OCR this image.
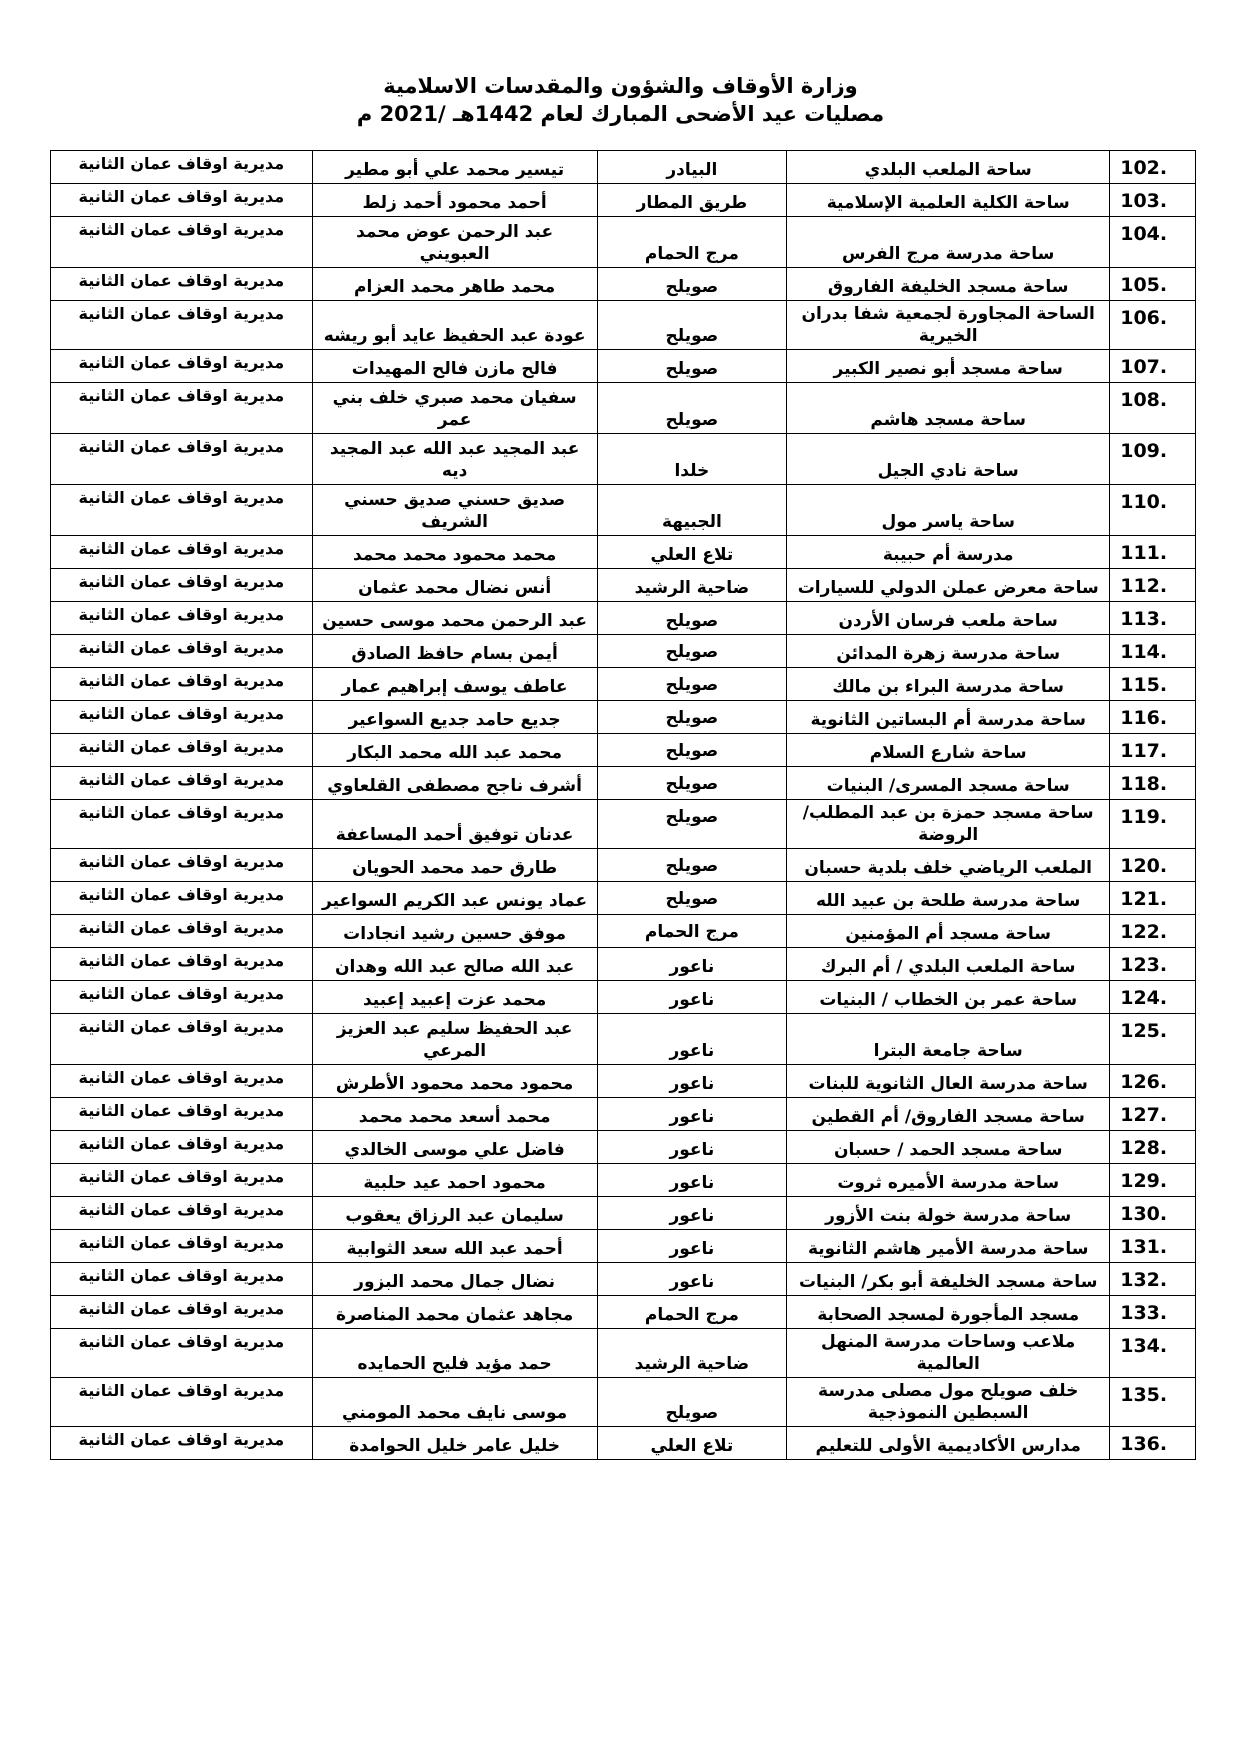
وزارة الأوقاف والشؤون والمقدسات الاسلامية
مصليات عيد الأضحى المبارك لعام 1442هـ /2021 م
102.	ساحة الملعب البلدي	البيادر	تيسير محمد علي أبو مطير	مديرية اوقاف عمان الثانية
103.	ساحة الكلية العلمية الإسلامية	طريق المطار	أحمد محمود أحمد زلط	مديرية اوقاف عمان الثانية
104.	ساحة مدرسة مرج الفرس	مرج الحمام	عبد الرحمن عوض محمد العبويني	مديرية اوقاف عمان الثانية
105.	ساحة مسجد الخليفة الفاروق	صويلح	محمد طاهر محمد العزام	مديرية اوقاف عمان الثانية
106.	الساحة المجاورة لجمعية شفا بدران الخيرية	صويلح	عودة عبد الحفيظ عايد أبو ريشه	مديرية اوقاف عمان الثانية
107.	ساحة مسجد أبو نصير الكبير	صويلح	فالح مازن فالح المهيدات	مديرية اوقاف عمان الثانية
108.	ساحة مسجد هاشم	صويلح	سفيان محمد صبري خلف بني عمر	مديرية اوقاف عمان الثانية
109.	ساحة نادي الجيل	خلدا	عبد المجيد عبد الله عبد المجيد ديه	مديرية اوقاف عمان الثانية
110.	ساحة ياسر مول	الجبيهة	صديق حسني صديق حسني الشريف	مديرية اوقاف عمان الثانية
111.	مدرسة أم حبيبة	تلاع العلي	محمد محمود محمد محمد	مديرية اوقاف عمان الثانية
112.	ساحة معرض عملن الدولي للسيارات	ضاحية الرشيد	أنس نضال محمد عثمان	مديرية اوقاف عمان الثانية
113.	ساحة ملعب فرسان الأردن	صويلح	عبد الرحمن محمد موسى حسين	مديرية اوقاف عمان الثانية
114.	ساحة مدرسة زهرة المدائن	صويلح	أيمن بسام حافظ الصادق	مديرية اوقاف عمان الثانية
115.	ساحة مدرسة البراء بن مالك	صويلح	عاطف يوسف إبراهيم عمار	مديرية اوقاف عمان الثانية
116.	ساحة مدرسة أم البساتين الثانوية	صويلح	جديع حامد جديع السواعير	مديرية اوقاف عمان الثانية
117.	ساحة شارع السلام	صويلح	محمد عبد الله محمد البكار	مديرية اوقاف عمان الثانية
118.	ساحة مسجد المسرى/ البنيات	صويلح	أشرف ناجح مصطفى القلعاوي	مديرية اوقاف عمان الثانية
119.	ساحة مسجد حمزة بن عبد المطلب/الروضة	صويلح	عدنان توفيق أحمد المساعفة	مديرية اوقاف عمان الثانية
120.	الملعب الرياضي خلف بلدية حسبان	صويلح	طارق حمد محمد الحويان	مديرية اوقاف عمان الثانية
121.	ساحة مدرسة طلحة بن عبيد الله	صويلح	عماد يونس عبد الكريم السواعير	مديرية اوقاف عمان الثانية
122.	ساحة مسجد أم المؤمنين	مرج الحمام	موفق حسين رشيد انجادات	مديرية اوقاف عمان الثانية
123.	ساحة الملعب البلدي / أم البرك	ناعور	عبد الله صالح عبد الله وهدان	مديرية اوقاف عمان الثانية
124.	ساحة عمر بن الخطاب / البنيات	ناعور	محمد عزت إعبيد إعبيد	مديرية اوقاف عمان الثانية
125.	ساحة جامعة البترا	ناعور	عبد الحفيظ سليم عبد العزيز المرعي	مديرية اوقاف عمان الثانية
126.	ساحة مدرسة العال الثانوية للبنات	ناعور	محمود محمد محمود الأطرش	مديرية اوقاف عمان الثانية
127.	ساحة مسجد الفاروق/ أم القطين	ناعور	محمد أسعد محمد محمد	مديرية اوقاف عمان الثانية
128.	ساحة مسجد الحمد / حسبان	ناعور	فاضل علي موسى الخالدي	مديرية اوقاف عمان الثانية
129.	ساحة مدرسة الأميره ثروت	ناعور	محمود احمد عيد حلبية	مديرية اوقاف عمان الثانية
130.	ساحة مدرسة خولة بنت الأزور	ناعور	سليمان عبد الرزاق يعقوب	مديرية اوقاف عمان الثانية
131.	ساحة مدرسة الأمير هاشم الثانوية	ناعور	أحمد عبد الله سعد الثوابية	مديرية اوقاف عمان الثانية
132.	ساحة مسجد الخليفة أبو بكر/ البنيات	ناعور	نضال جمال محمد البزور	مديرية اوقاف عمان الثانية
133.	مسجد المأجورة لمسجد الصحابة	مرج الحمام	مجاهد عثمان محمد المناصرة	مديرية اوقاف عمان الثانية
134.	ملاعب وساحات مدرسة المنهل العالمية	ضاحية الرشيد	حمد مؤيد فليح الحمايده	مديرية اوقاف عمان الثانية
135.	خلف صويلح مول مصلى مدرسة السبطين النموذجية	صويلح	موسى نايف محمد المومني	مديرية اوقاف عمان الثانية
136.	مدارس الأكاديمية الأولى للتعليم	تلاع العلي	خليل عامر خليل الحوامدة	مديرية اوقاف عمان الثانية
